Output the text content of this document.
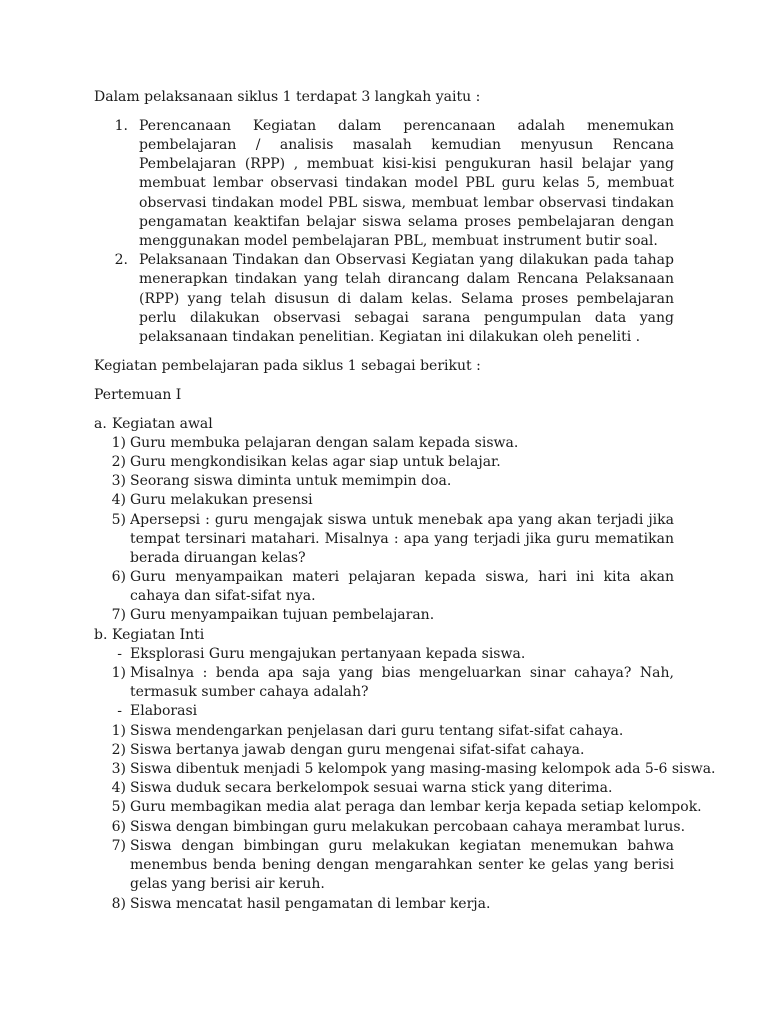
Dalam pelaksanaan siklus 1 terdapat 3 langkah yaitu :
1. Perencanaan Kegiatan dalam perencanaan adalah menemukan
pembelajaran / analisis masalah kemudian menyusun Rencana
Pembelajaran (RPP) , membuat kisi-kisi pengukuran hasil belajar yang
membuat lembar observasi tindakan model PBL guru kelas 5, membuat
observasi tindakan model PBL siswa, membuat lembar observasi tindakan
pengamatan keaktifan belajar siswa selama proses pembelajaran dengan
menggunakan model pembelajaran PBL, membuat instrument butir soal.
2. Pelaksanaan Tindakan dan Observasi Kegiatan yang dilakukan pada tahap
menerapkan tindakan yang telah dirancang dalam Rencana Pelaksanaan
(RPP) yang telah disusun di dalam kelas. Selama proses pembelajaran
perlu dilakukan observasi sebagai sarana pengumpulan data yang
pelaksanaan tindakan penelitian. Kegiatan ini dilakukan oleh peneliti .
Kegiatan pembelajaran pada siklus 1 sebagai berikut :
Pertemuan I
a. Kegiatan awal
1) Guru membuka pelajaran dengan salam kepada siswa.
2) Guru mengkondisikan kelas agar siap untuk belajar.
3) Seorang siswa diminta untuk memimpin doa.
4) Guru melakukan presensi
5) Apersepsi : guru mengajak siswa untuk menebak apa yang akan terjadi jika
tempat tersinari matahari. Misalnya : apa yang terjadi jika guru mematikan
berada diruangan kelas?
6) Guru menyampaikan materi pelajaran kepada siswa, hari ini kita akan
cahaya dan sifat-sifat nya.
7) Guru menyampaikan tujuan pembelajaran.
b. Kegiatan Inti
- Eksplorasi Guru mengajukan pertanyaan kepada siswa.
1) Misalnya : benda apa saja yang bias mengeluarkan sinar cahaya? Nah,
termasuk sumber cahaya adalah?
- Elaborasi
1) Siswa mendengarkan penjelasan dari guru tentang sifat-sifat cahaya.
2) Siswa bertanya jawab dengan guru mengenai sifat-sifat cahaya.
3) Siswa dibentuk menjadi 5 kelompok yang masing-masing kelompok ada 5-6 siswa.
4) Siswa duduk secara berkelompok sesuai warna stick yang diterima.
5) Guru membagikan media alat peraga dan lembar kerja kepada setiap kelompok.
6) Siswa dengan bimbingan guru melakukan percobaan cahaya merambat lurus.
7) Siswa dengan bimbingan guru melakukan kegiatan menemukan bahwa
menembus benda bening dengan mengarahkan senter ke gelas yang berisi
gelas yang berisi air keruh.
8) Siswa mencatat hasil pengamatan di lembar kerja.
